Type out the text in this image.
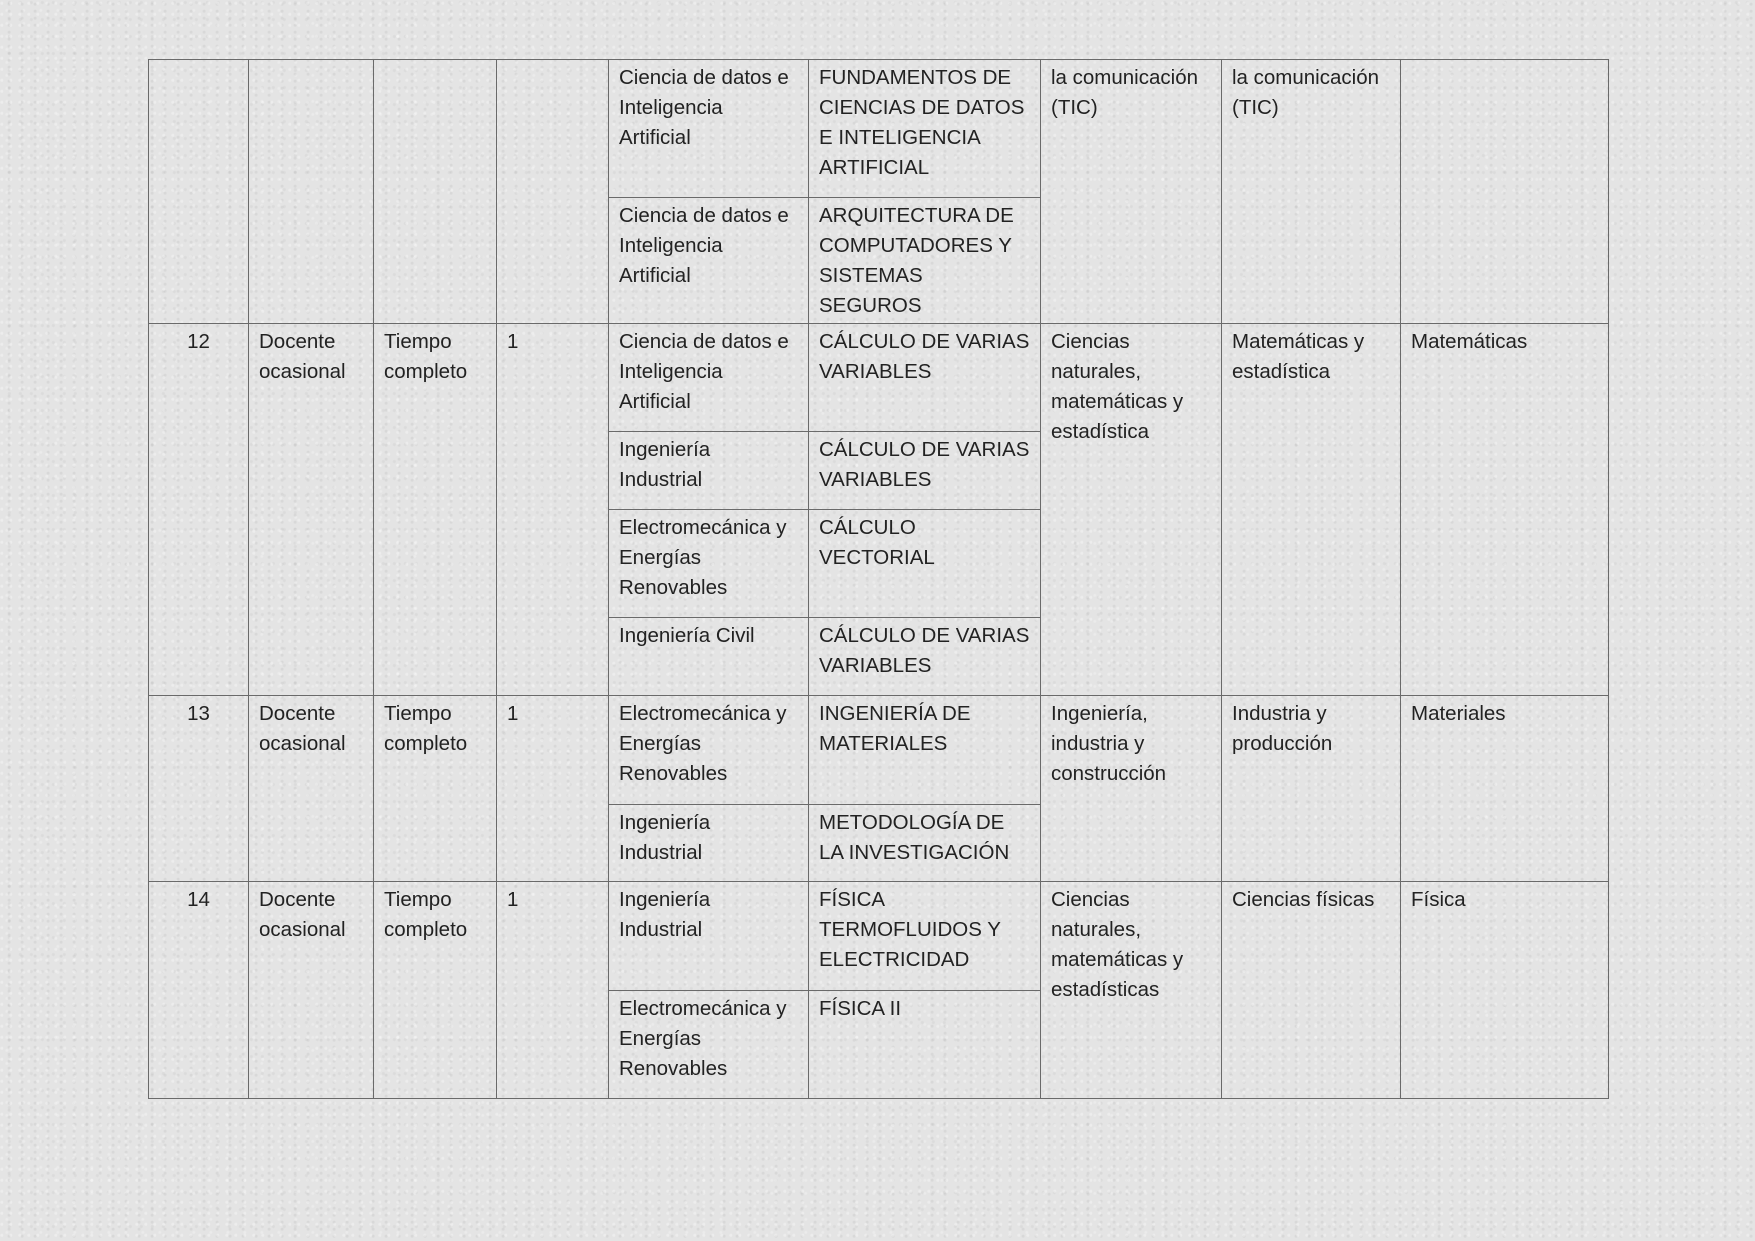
				Ciencia de datos e Inteligencia Artificial	FUNDAMENTOS DE CIENCIAS DE DATOS E INTELIGENCIA ARTIFICIAL	la comunicación (TIC)	la comunicación (TIC)	
				Ciencia de datos e Inteligencia Artificial	ARQUITECTURA DE COMPUTADORES Y SISTEMAS SEGUROS			
12	Docente ocasional	Tiempo completo	1	Ciencia de datos e Inteligencia Artificial	CÁLCULO DE VARIAS VARIABLES	Ciencias naturales, matemáticas y estadística	Matemáticas y estadística	Matemáticas
				Ingeniería Industrial	CÁLCULO DE VARIAS VARIABLES			
				Electromecánica y Energías Renovables	CÁLCULO VECTORIAL			
				Ingeniería Civil	CÁLCULO DE VARIAS VARIABLES			
13	Docente ocasional	Tiempo completo	1	Electromecánica y Energías Renovables	INGENIERÍA DE MATERIALES	Ingeniería, industria y construcción	Industria y producción	Materiales
				Ingeniería Industrial	METODOLOGÍA DE LA INVESTIGACIÓN			
14	Docente ocasional	Tiempo completo	1	Ingeniería Industrial	FÍSICA TERMOFLUIDOS Y ELECTRICIDAD	Ciencias naturales, matemáticas y estadísticas	Ciencias físicas	Física
				Electromecánica y Energías Renovables	FÍSICA II			
